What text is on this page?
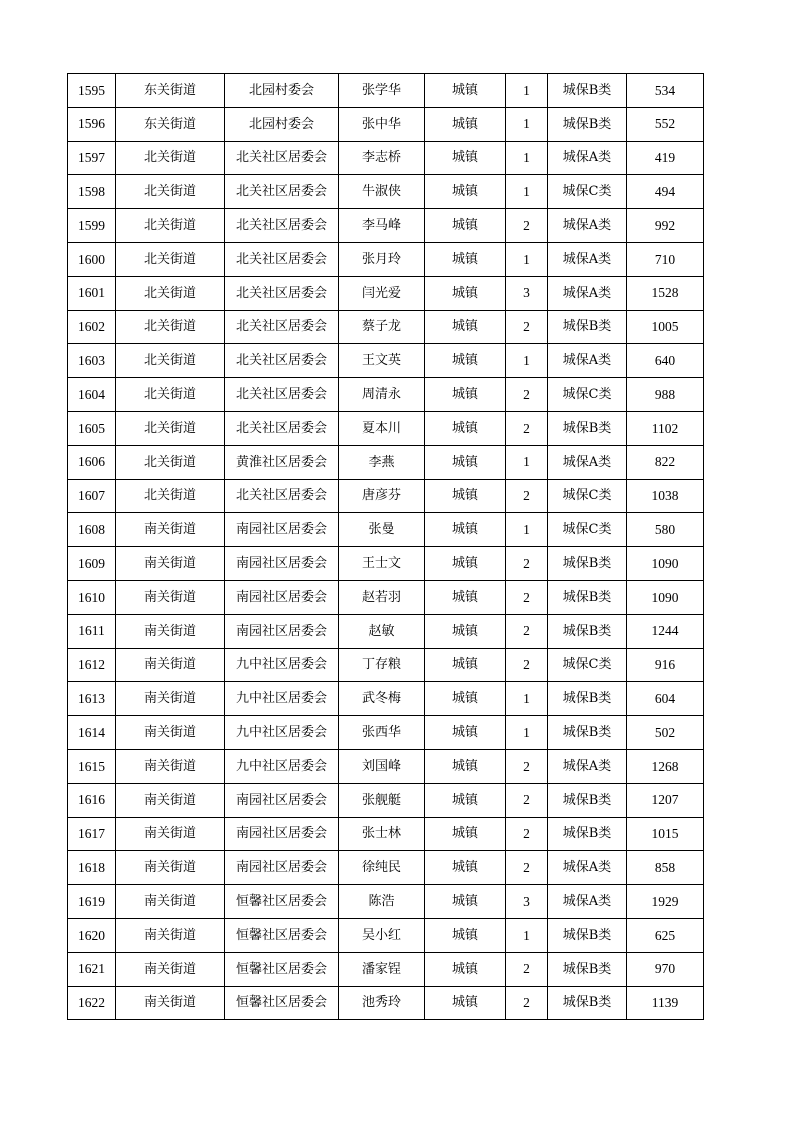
1595	东关街道	北园村委会	张学华	城镇	1	城保B类	534
1596	东关街道	北园村委会	张中华	城镇	1	城保B类	552
1597	北关街道	北关社区居委会	李志桥	城镇	1	城保A类	419
1598	北关街道	北关社区居委会	牛淑侠	城镇	1	城保C类	494
1599	北关街道	北关社区居委会	李马峰	城镇	2	城保A类	992
1600	北关街道	北关社区居委会	张月玲	城镇	1	城保A类	710
1601	北关街道	北关社区居委会	闫光爱	城镇	3	城保A类	1528
1602	北关街道	北关社区居委会	蔡子龙	城镇	2	城保B类	1005
1603	北关街道	北关社区居委会	王文英	城镇	1	城保A类	640
1604	北关街道	北关社区居委会	周清永	城镇	2	城保C类	988
1605	北关街道	北关社区居委会	夏本川	城镇	2	城保B类	1102
1606	北关街道	黄淮社区居委会	李燕	城镇	1	城保A类	822
1607	北关街道	北关社区居委会	唐彦芬	城镇	2	城保C类	1038
1608	南关街道	南园社区居委会	张曼	城镇	1	城保C类	580
1609	南关街道	南园社区居委会	王士文	城镇	2	城保B类	1090
1610	南关街道	南园社区居委会	赵若羽	城镇	2	城保B类	1090
1611	南关街道	南园社区居委会	赵敏	城镇	2	城保B类	1244
1612	南关街道	九中社区居委会	丁存粮	城镇	2	城保C类	916
1613	南关街道	九中社区居委会	武冬梅	城镇	1	城保B类	604
1614	南关街道	九中社区居委会	张西华	城镇	1	城保B类	502
1615	南关街道	九中社区居委会	刘国峰	城镇	2	城保A类	1268
1616	南关街道	南园社区居委会	张舰艇	城镇	2	城保B类	1207
1617	南关街道	南园社区居委会	张士林	城镇	2	城保B类	1015
1618	南关街道	南园社区居委会	徐纯民	城镇	2	城保A类	858
1619	南关街道	恒馨社区居委会	陈浩	城镇	3	城保A类	1929
1620	南关街道	恒馨社区居委会	吴小红	城镇	1	城保B类	625
1621	南关街道	恒馨社区居委会	潘家锃	城镇	2	城保B类	970
1622	南关街道	恒馨社区居委会	池秀玲	城镇	2	城保B类	1139
